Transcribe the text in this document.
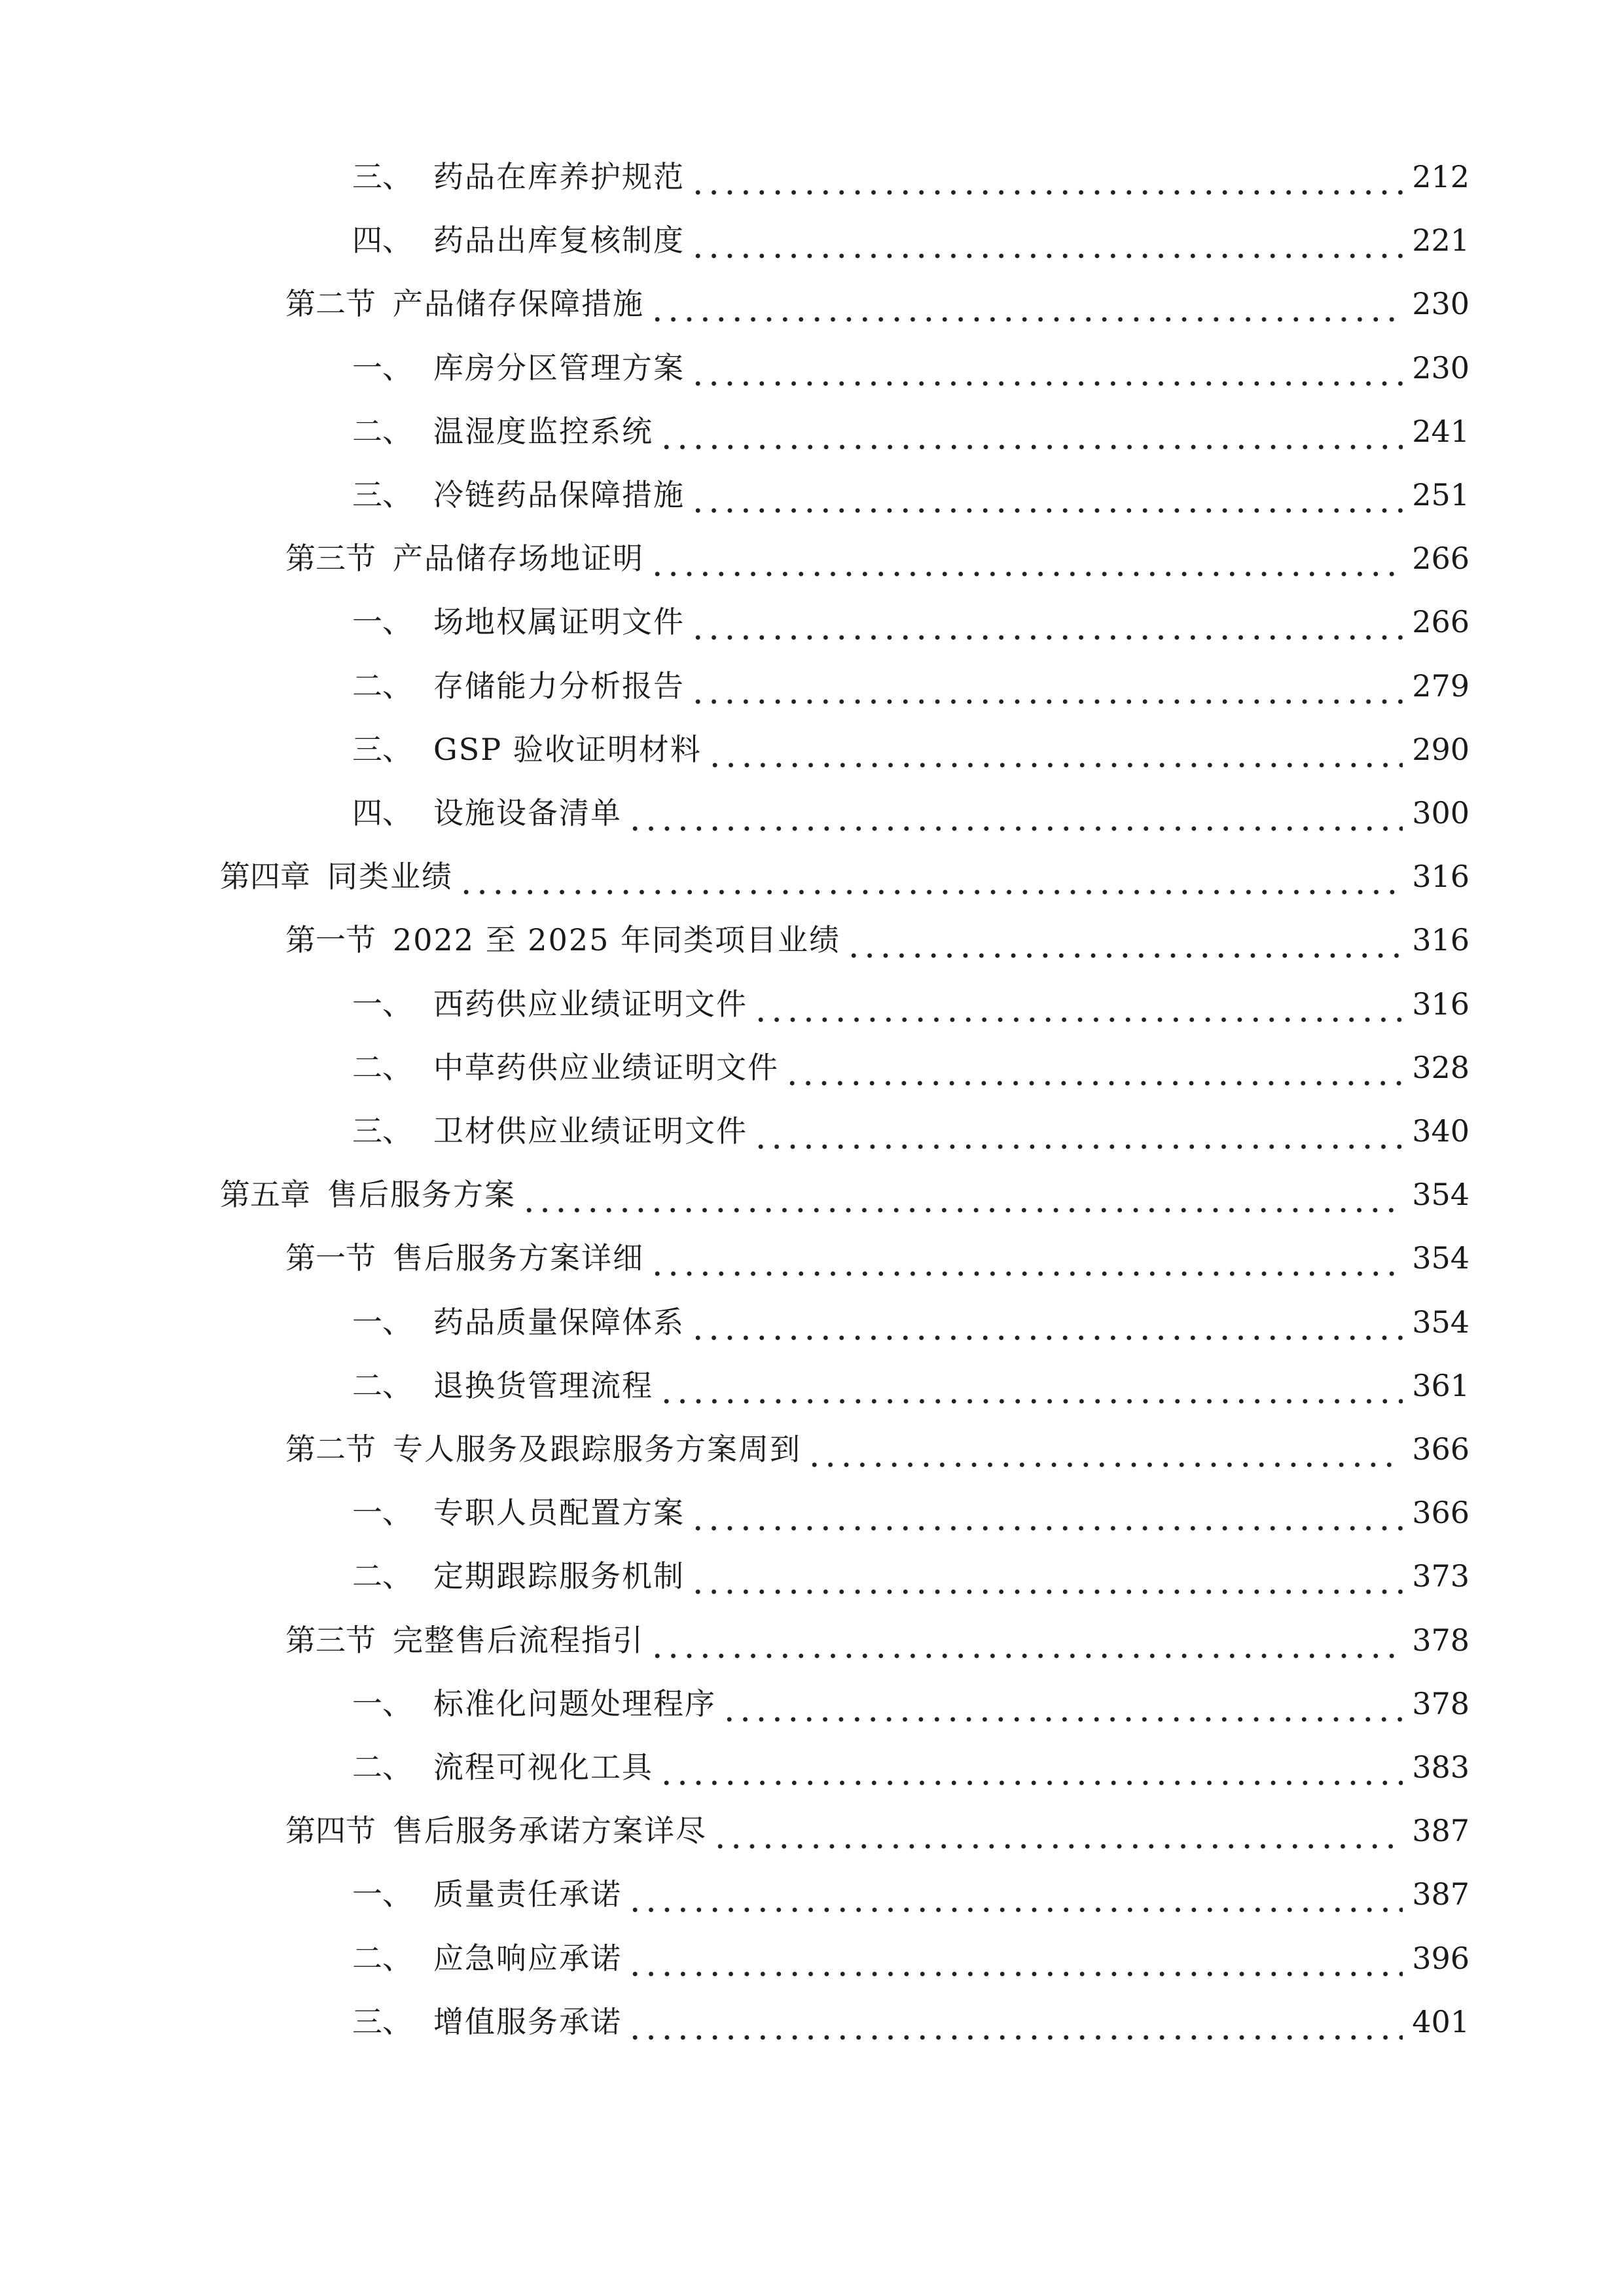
三、 药品在库养护规范	212
四、 药品出库复核制度	221
第二节 产品储存保障措施	230
一、 库房分区管理方案	230
二、 温湿度监控系统	241
三、 冷链药品保障措施	251
第三节 产品储存场地证明	266
一、 场地权属证明文件	266
二、 存储能力分析报告	279
三、 GSP 验收证明材料	290
四、 设施设备清单	300
第四章 同类业绩	316
第一节 2022 至 2025 年同类项目业绩	316
一、 西药供应业绩证明文件	316
二、 中草药供应业绩证明文件	328
三、 卫材供应业绩证明文件	340
第五章 售后服务方案	354
第一节 售后服务方案详细	354
一、 药品质量保障体系	354
二、 退换货管理流程	361
第二节 专人服务及跟踪服务方案周到	366
一、 专职人员配置方案	366
二、 定期跟踪服务机制	373
第三节 完整售后流程指引	378
一、 标准化问题处理程序	378
二、 流程可视化工具	383
第四节 售后服务承诺方案详尽	387
一、 质量责任承诺	387
二、 应急响应承诺	396
三、 增值服务承诺	401
